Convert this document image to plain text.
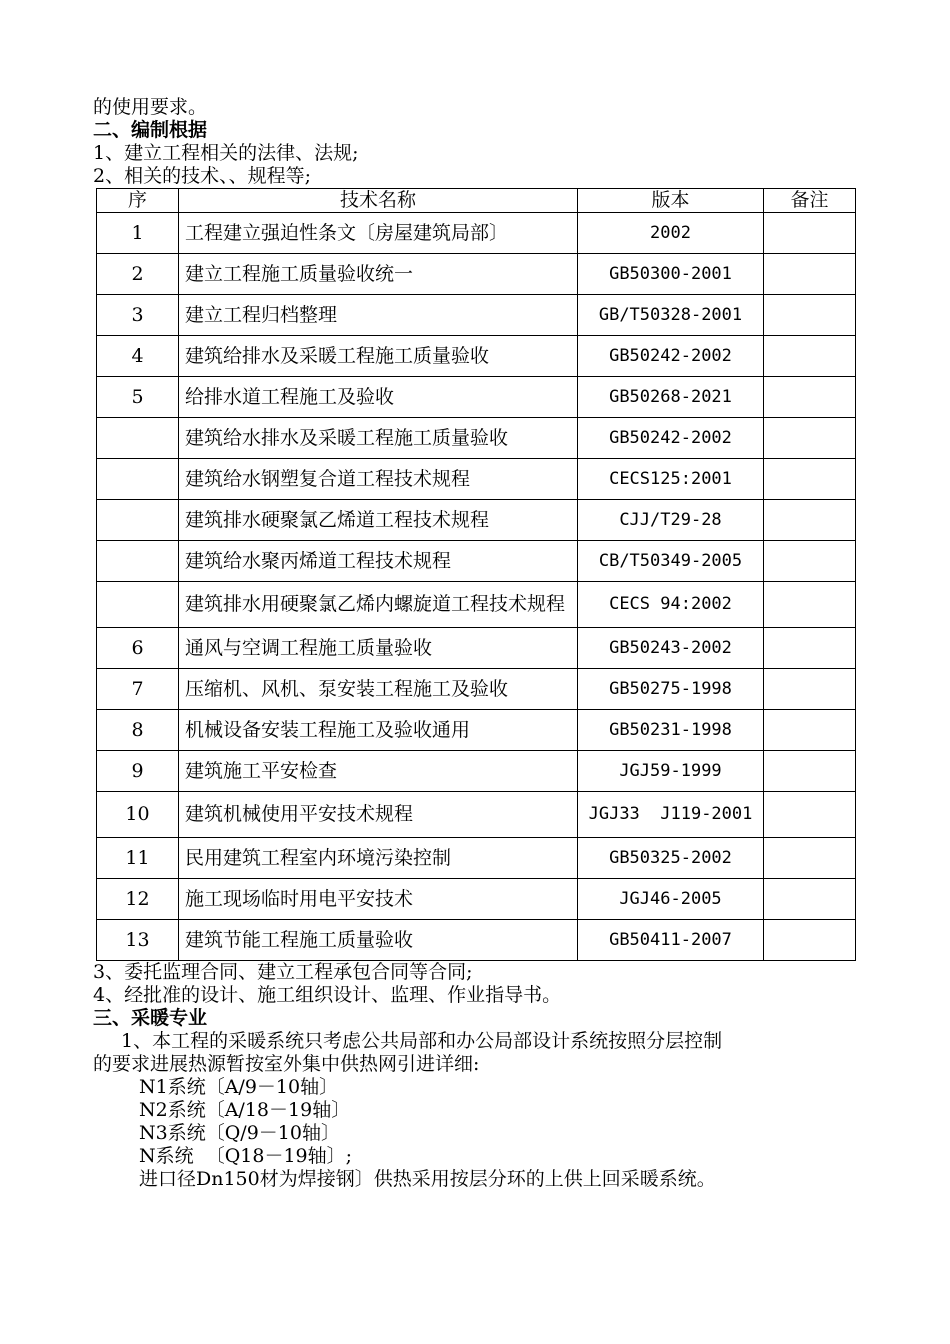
的使用要求。
二、编制根据
1、建立工程相关的法律、法规;
2、相关的技术、、规程等;
序	技术名称	版本	备注
1	工程建立强迫性条文〔房屋建筑局部〕	2002	
2	建立工程施工质量验收统一	GB50300-2001	
3	建立工程归档整理	GB/T50328-2001	
4	建筑给排水及采暖工程施工质量验收	GB50242-2002	
5	给排水道工程施工及验收	GB50268-2021	
	建筑给水排水及采暖工程施工质量验收	GB50242-2002	
	建筑给水钢塑复合道工程技术规程	CECS125:2001	
	建筑排水硬聚氯乙烯道工程技术规程	CJJ/T29-28	
	建筑给水聚丙烯道工程技术规程	CB/T50349-2005	
	建筑排水用硬聚氯乙烯内螺旋道工程技术规程	CECS 94:2002	
6	通风与空调工程施工质量验收	GB50243-2002	
7	压缩机、风机、泵安装工程施工及验收	GB50275-1998	
8	机械设备安装工程施工及验收通用	GB50231-1998	
9	建筑施工平安检查	JGJ59-1999	
10	建筑机械使用平安技术规程	JGJ33  J119-2001	
11	民用建筑工程室内环境污染控制	GB50325-2002	
12	施工现场临时用电平安技术	JGJ46-2005	
13	建筑节能工程施工质量验收	GB50411-2007	
3、委托监理合同、建立工程承包合同等合同;
4、经批准的设计、施工组织设计、监理、作业指导书。
三、采暖专业
1、本工程的采暖系统只考虑公共局部和办公局部设计系统按照分层控制
的要求进展热源暂按室外集中供热网引进详细:
N1系统〔A/9－10轴〕
N2系统〔A/18－19轴〕
N3系统〔Q/9－10轴〕
N系统  〔Q18－19轴〕;
进口径Dn150材为焊接钢〕供热采用按层分环的上供上回采暖系统。
